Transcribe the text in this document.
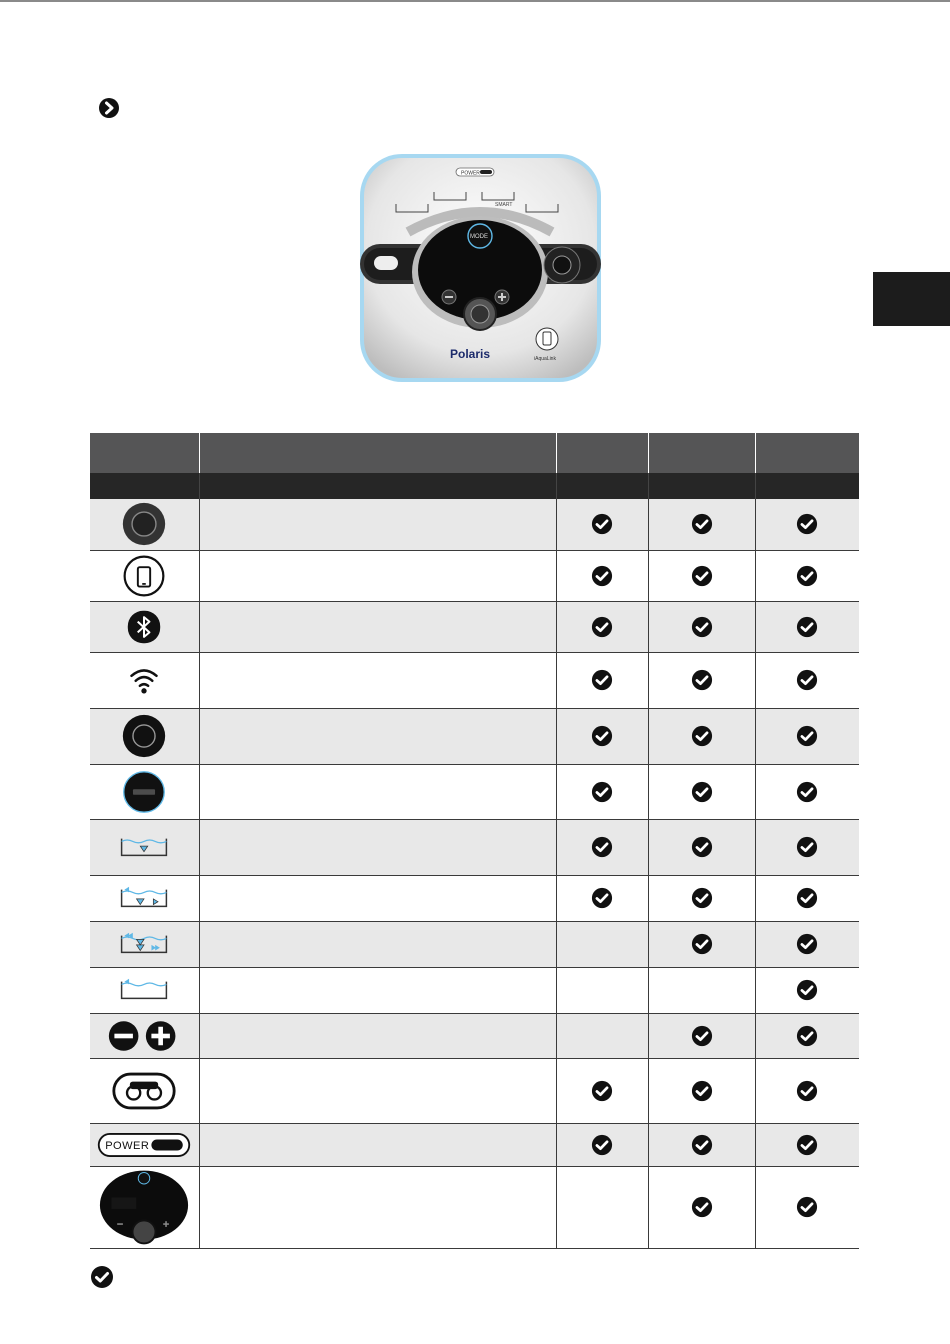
POWER
SMART
MODE
Polaris	iAquaLink

POWER
